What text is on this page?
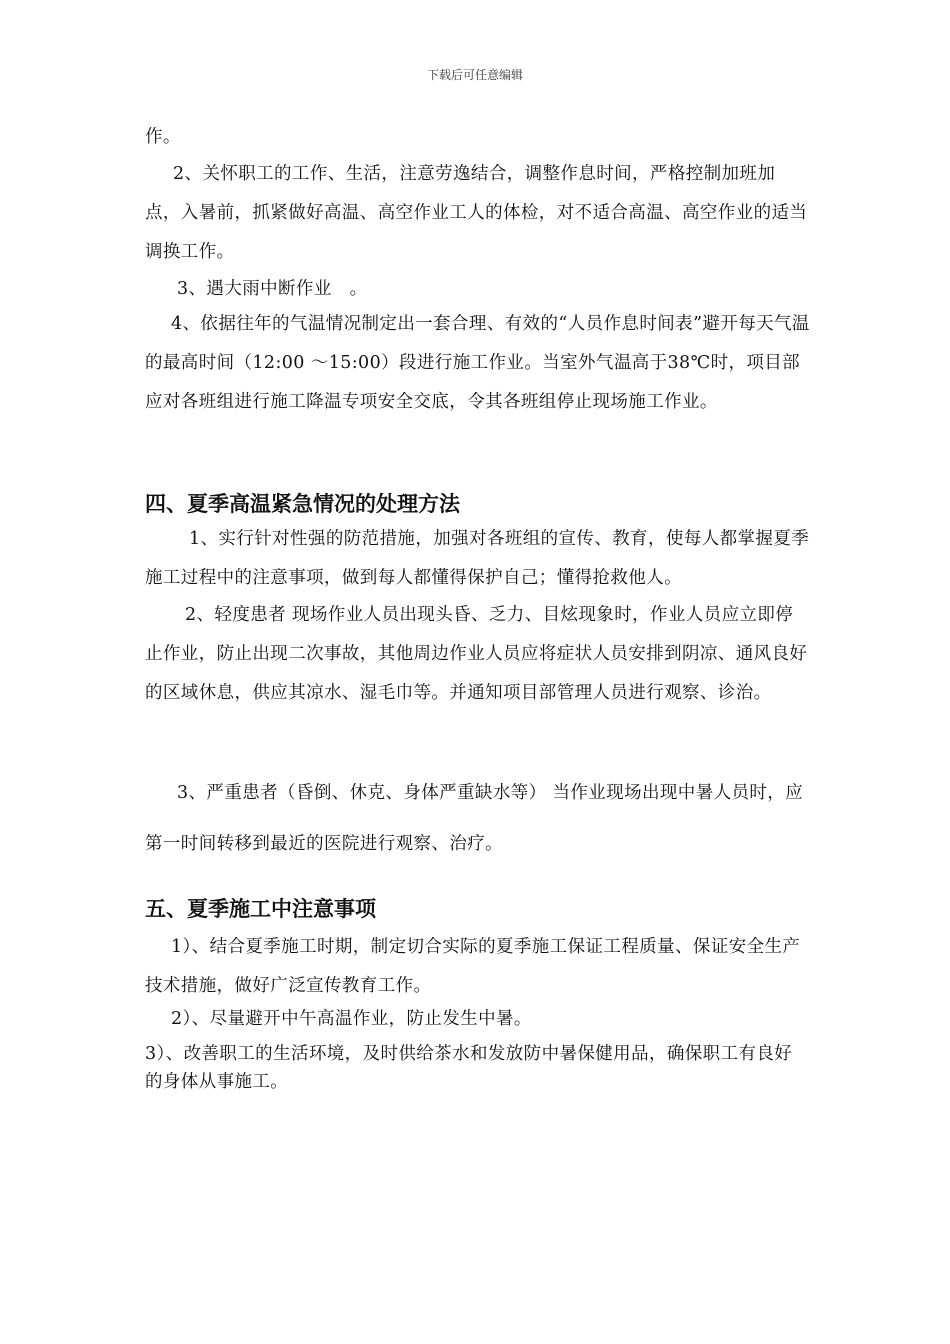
下载后可任意编辑

作。

2、关怀职工的工作、生活，注意劳逸结合，调整作息时间，严格控制加班加点，入暑前，抓紧做好高温、高空作业工人的体检，对不适合高温、高空作业的适当调换工作。

3、遇大雨中断作业　。

4、依据往年的气温情况制定出一套合理、有效的“人员作息时间表”避开每天气温的最高时间（12:00 ～15:00）段进行施工作业。当室外气温高于38℃时，项目部应对各班组进行施工降温专项安全交底，令其各班组停止现场施工作业。

四、夏季高温紧急情况的处理方法

1、实行针对性强的防范措施，加强对各班组的宣传、教育，使每人都掌握夏季施工过程中的注意事项，做到每人都懂得保护自己；懂得抢救他人。

2、轻度患者 现场作业人员出现头昏、乏力、目炫现象时，作业人员应立即停止作业，防止出现二次事故，其他周边作业人员应将症状人员安排到阴凉、通风良好的区域休息，供应其凉水、湿毛巾等。并通知项目部管理人员进行观察、诊治。

3、严重患者（昏倒、休克、身体严重缺水等） 当作业现场出现中暑人员时，应第一时间转移到最近的医院进行观察、治疗。

五、夏季施工中注意事项

1）、结合夏季施工时期，制定切合实际的夏季施工保证工程质量、保证安全生产技术措施，做好广泛宣传教育工作。

2）、尽量避开中午高温作业，防止发生中暑。

3）、改善职工的生活环境，及时供给茶水和发放防中暑保健用品，确保职工有良好的身体从事施工。
